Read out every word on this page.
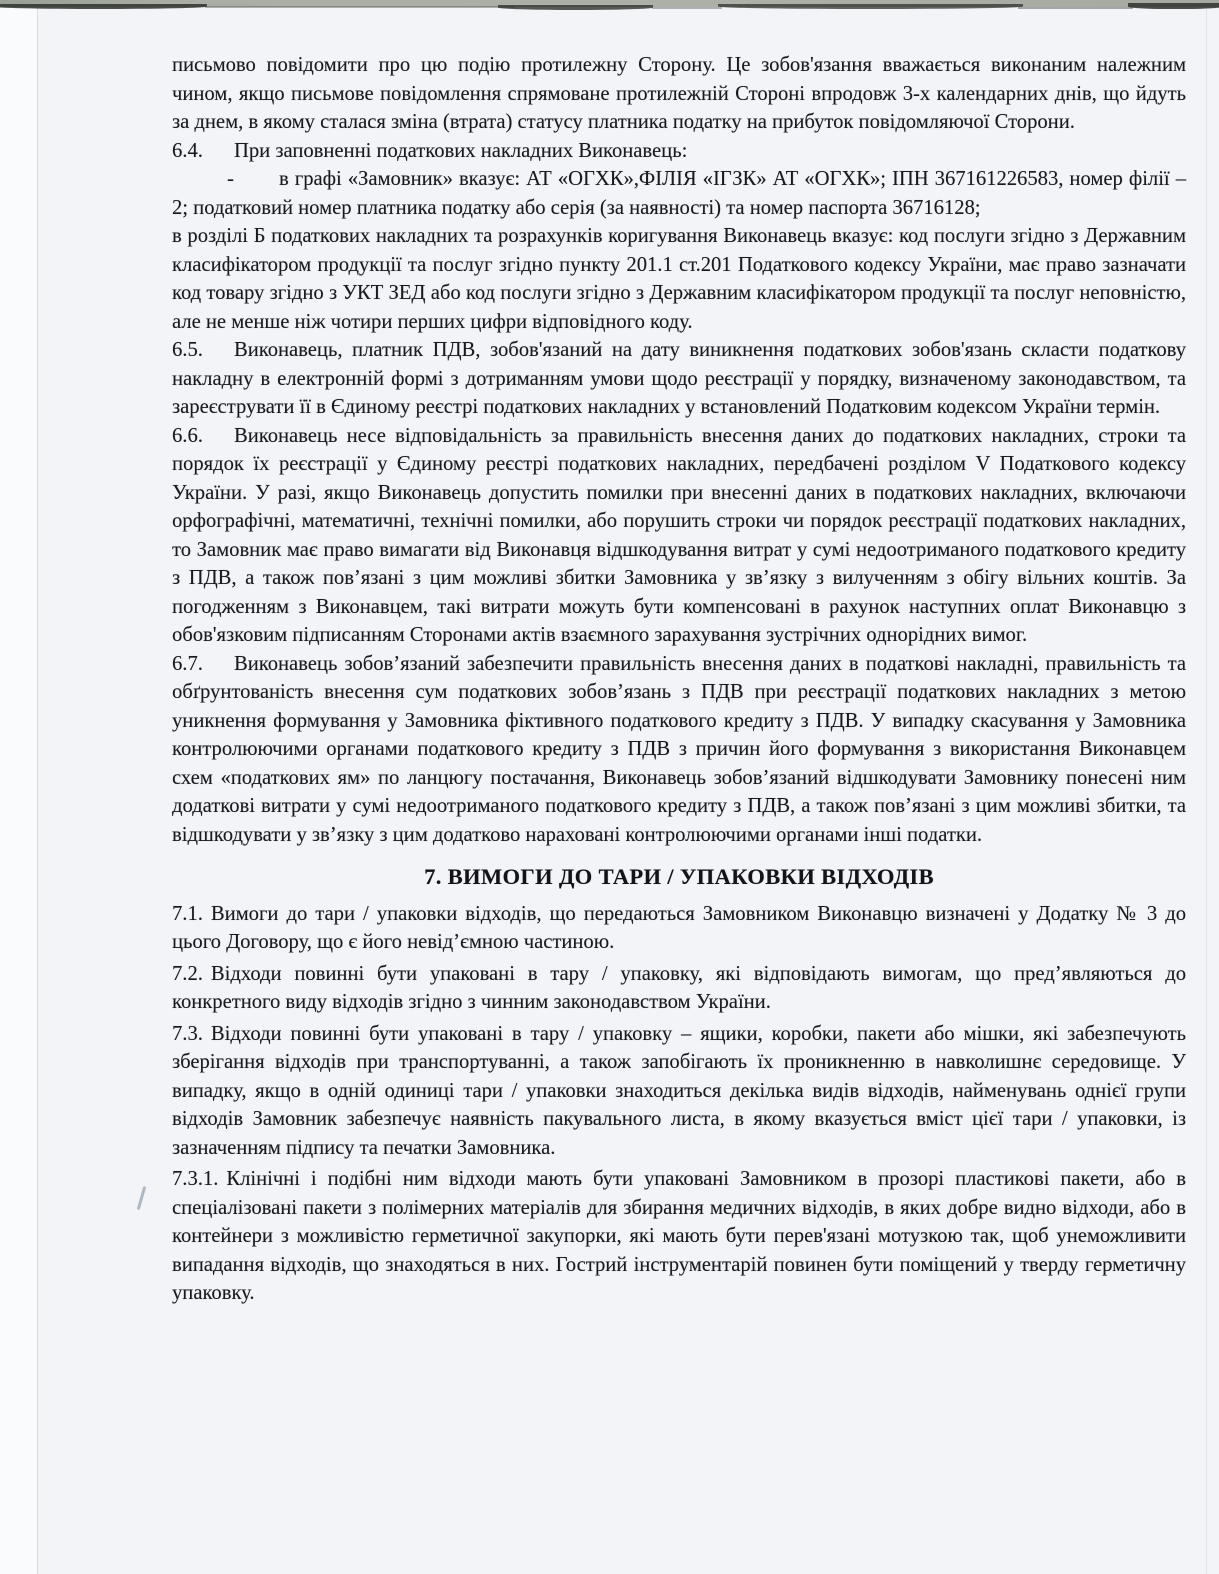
письмово повідомити про цю подію протилежну Сторону. Це зобов'язання вважається виконаним належним чином, якщо письмове повідомлення спрямоване протилежній Стороні впродовж 3-х календарних днів, що йдуть за днем, в якому сталася зміна (втрата) статусу платника податку на прибуток повідомляючої Сторони.

6.4. При заповненні податкових накладних Виконавець:

- в графі «Замовник» вказує: АТ «ОГХК»,ФІЛІЯ «ІГЗК» АТ «ОГХК»; ІПН 367161226583, номер філії – 2; податковий номер платника податку або серія (за наявності) та номер паспорта 36716128;

в розділі Б податкових накладних та розрахунків коригування Виконавець вказує: код послуги згідно з Державним класифікатором продукції та послуг згідно пункту 201.1 ст.201 Податкового кодексу України, має право зазначати код товару згідно з УКТ ЗЕД або код послуги згідно з Державним класифікатором продукції та послуг неповністю, але не менше ніж чотири перших цифри відповідного коду.

6.5. Виконавець, платник ПДВ, зобов'язаний на дату виникнення податкових зобов'язань скласти податкову накладну в електронній формі з дотриманням умови щодо реєстрації у порядку, визначеному законодавством, та зареєструвати її в Єдиному реєстрі податкових накладних у встановлений Податковим кодексом України термін.

6.6. Виконавець несе відповідальність за правильність внесення даних до податкових накладних, строки та порядок їх реєстрації у Єдиному реєстрі податкових накладних, передбачені розділом V Податкового кодексу України. У разі, якщо Виконавець допустить помилки при внесенні даних в податкових накладних, включаючи орфографічні, математичні, технічні помилки, або порушить строки чи порядок реєстрації податкових накладних, то Замовник має право вимагати від Виконавця відшкодування витрат у сумі недоотриманого податкового кредиту з ПДВ, а також пов’язані з цим можливі збитки Замовника у зв’язку з вилученням з обігу вільних коштів. За погодженням з Виконавцем, такі витрати можуть бути компенсовані в рахунок наступних оплат Виконавцю з обов'язковим підписанням Сторонами актів взаємного зарахування зустрічних однорідних вимог.

6.7. Виконавець зобов’язаний забезпечити правильність внесення даних в податкові накладні, правильність та обґрунтованість внесення сум податкових зобов’язань з ПДВ при реєстрації податкових накладних з метою уникнення формування у Замовника фіктивного податкового кредиту з ПДВ. У випадку скасування у Замовника контролюючими органами податкового кредиту з ПДВ з причин його формування з використання Виконавцем схем «податкових ям» по ланцюгу постачання, Виконавець зобов’язаний відшкодувати Замовнику понесені ним додаткові витрати у сумі недоотриманого податкового кредиту з ПДВ, а також пов’язані з цим можливі збитки, та відшкодувати у зв’язку з цим додатково нараховані контролюючими органами інші податки.

7. ВИМОГИ ДО ТАРИ / УПАКОВКИ ВІДХОДІВ

7.1. Вимоги до тари / упаковки відходів, що передаються Замовником Виконавцю визначені у Додатку № 3 до цього Договору, що є його невід’ємною частиною.

7.2. Відходи повинні бути упаковані в тару / упаковку, які відповідають вимогам, що пред’являються до конкретного виду відходів згідно з чинним законодавством України.

7.3. Відходи повинні бути упаковані в тару / упаковку – ящики, коробки, пакети або мішки, які забезпечують зберігання відходів при транспортуванні, а також запобігають їх проникненню в навколишнє середовище. У випадку, якщо в одній одиниці тари / упаковки знаходиться декілька видів відходів, найменувань однієї групи відходів Замовник забезпечує наявність пакувального листа, в якому вказується вміст цієї тари / упаковки, із зазначенням підпису та печатки Замовника.

7.3.1. Клінічні і подібні ним відходи мають бути упаковані Замовником в прозорі пластикові пакети, або в спеціалізовані пакети з полімерних матеріалів для збирання медичних відходів, в яких добре видно відходи, або в контейнери з можливістю герметичної закупорки, які мають бути перев'язані мотузкою так, щоб унеможливити випадання відходів, що знаходяться в них. Гострий інструментарій повинен бути поміщений у тверду герметичну упаковку.
